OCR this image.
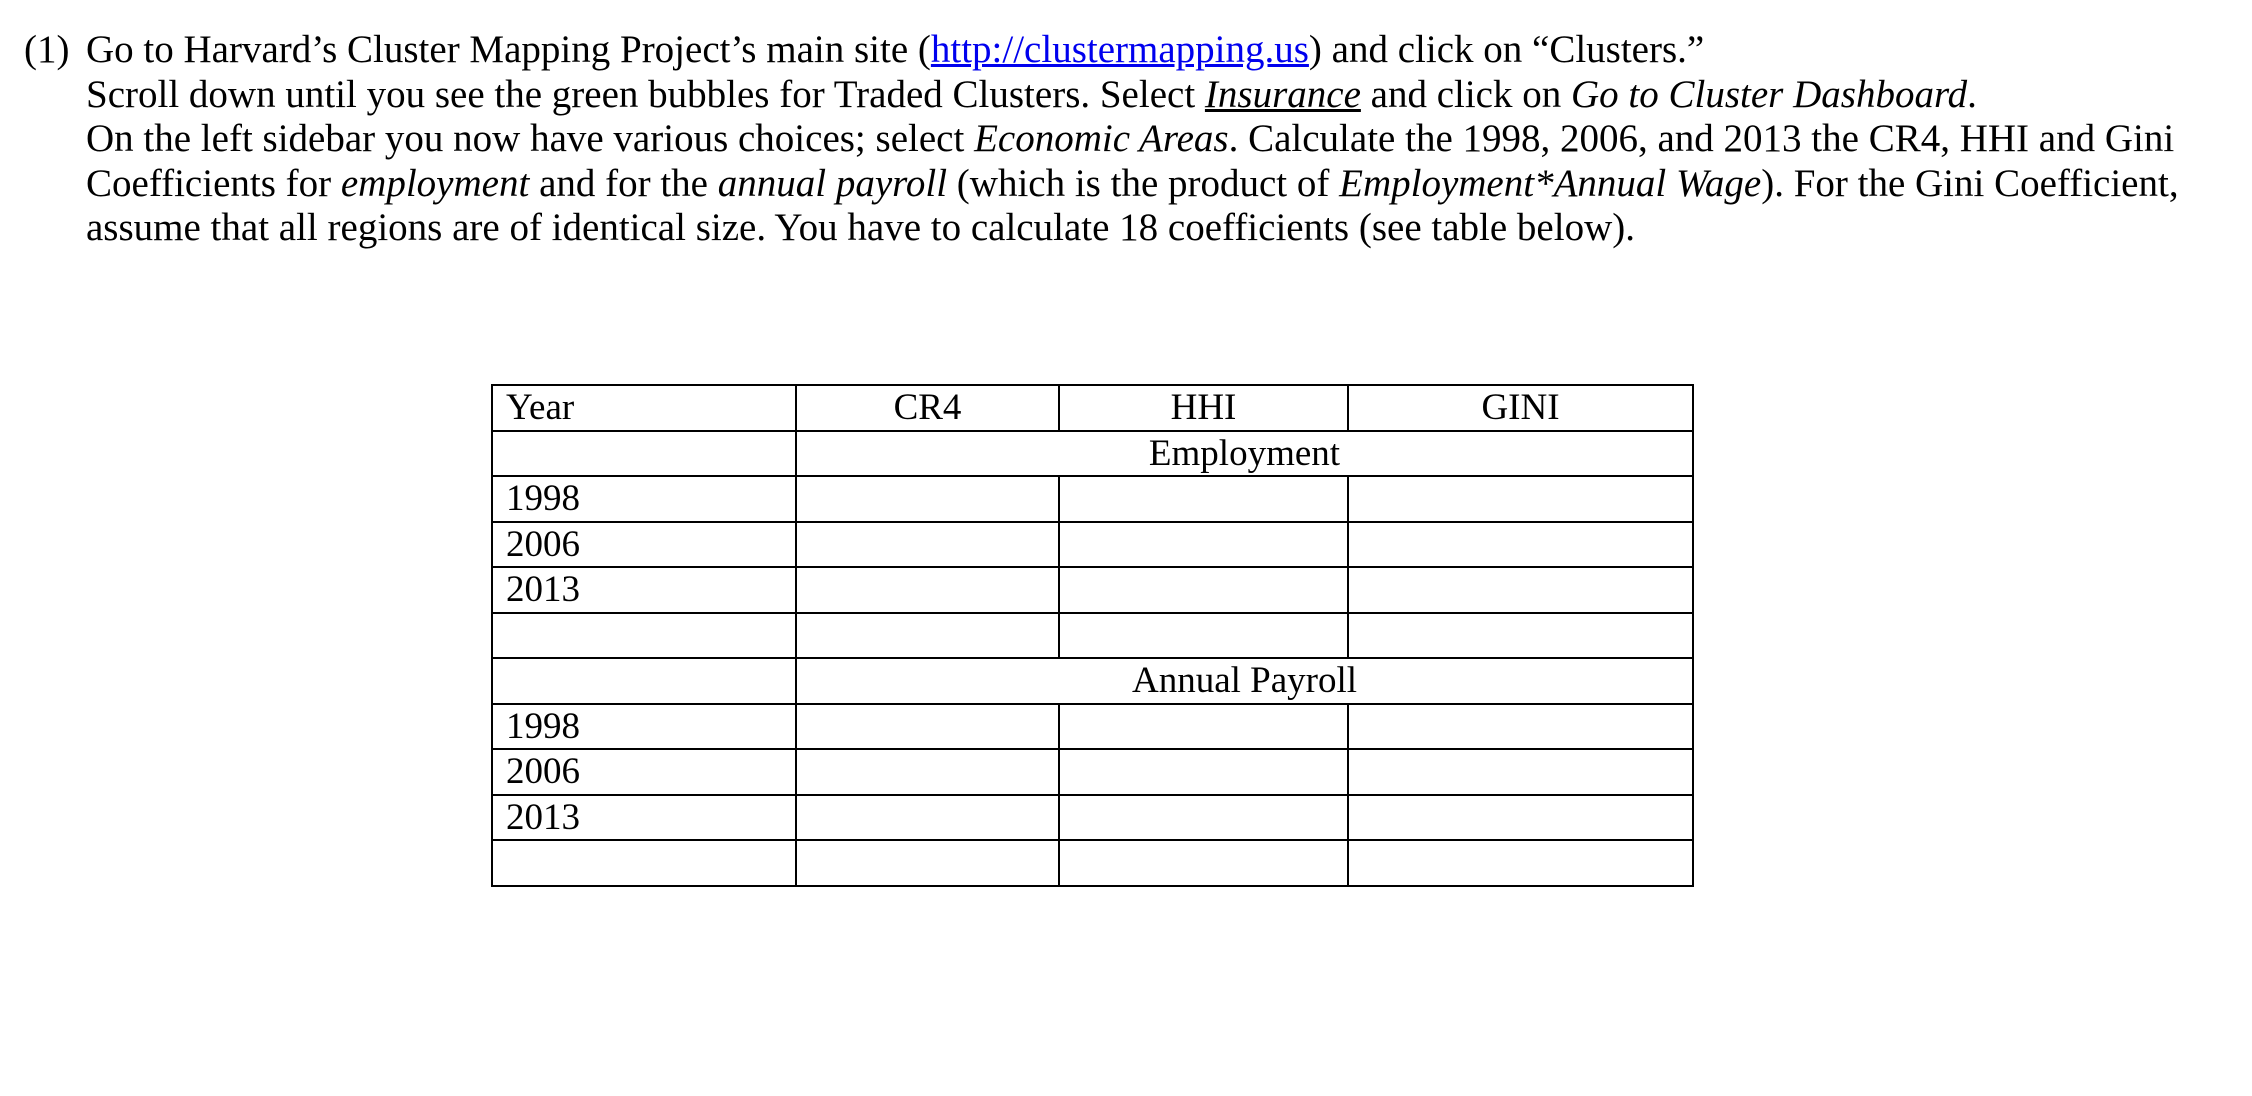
(1) Go to Harvard’s Cluster Mapping Project’s main site (http://clustermapping.us) and click on “Clusters.”
Scroll down until you see the green bubbles for Traded Clusters. Select Insurance and click on Go to Cluster Dashboard.
On the left sidebar you now have various choices; select Economic Areas. Calculate the 1998, 2006, and 2013 the CR4, HHI and Gini
Coefficients for employment and for the annual payroll (which is the product of Employment*Annual Wage). For the Gini Coefficient,
assume that all regions are of identical size. You have to calculate 18 coefficients (see table below).
Year	CR4	HHI	GINI
	Employment		
1998			
2006			
2013			

	Annual Payroll		
1998			
2006			
2013			
